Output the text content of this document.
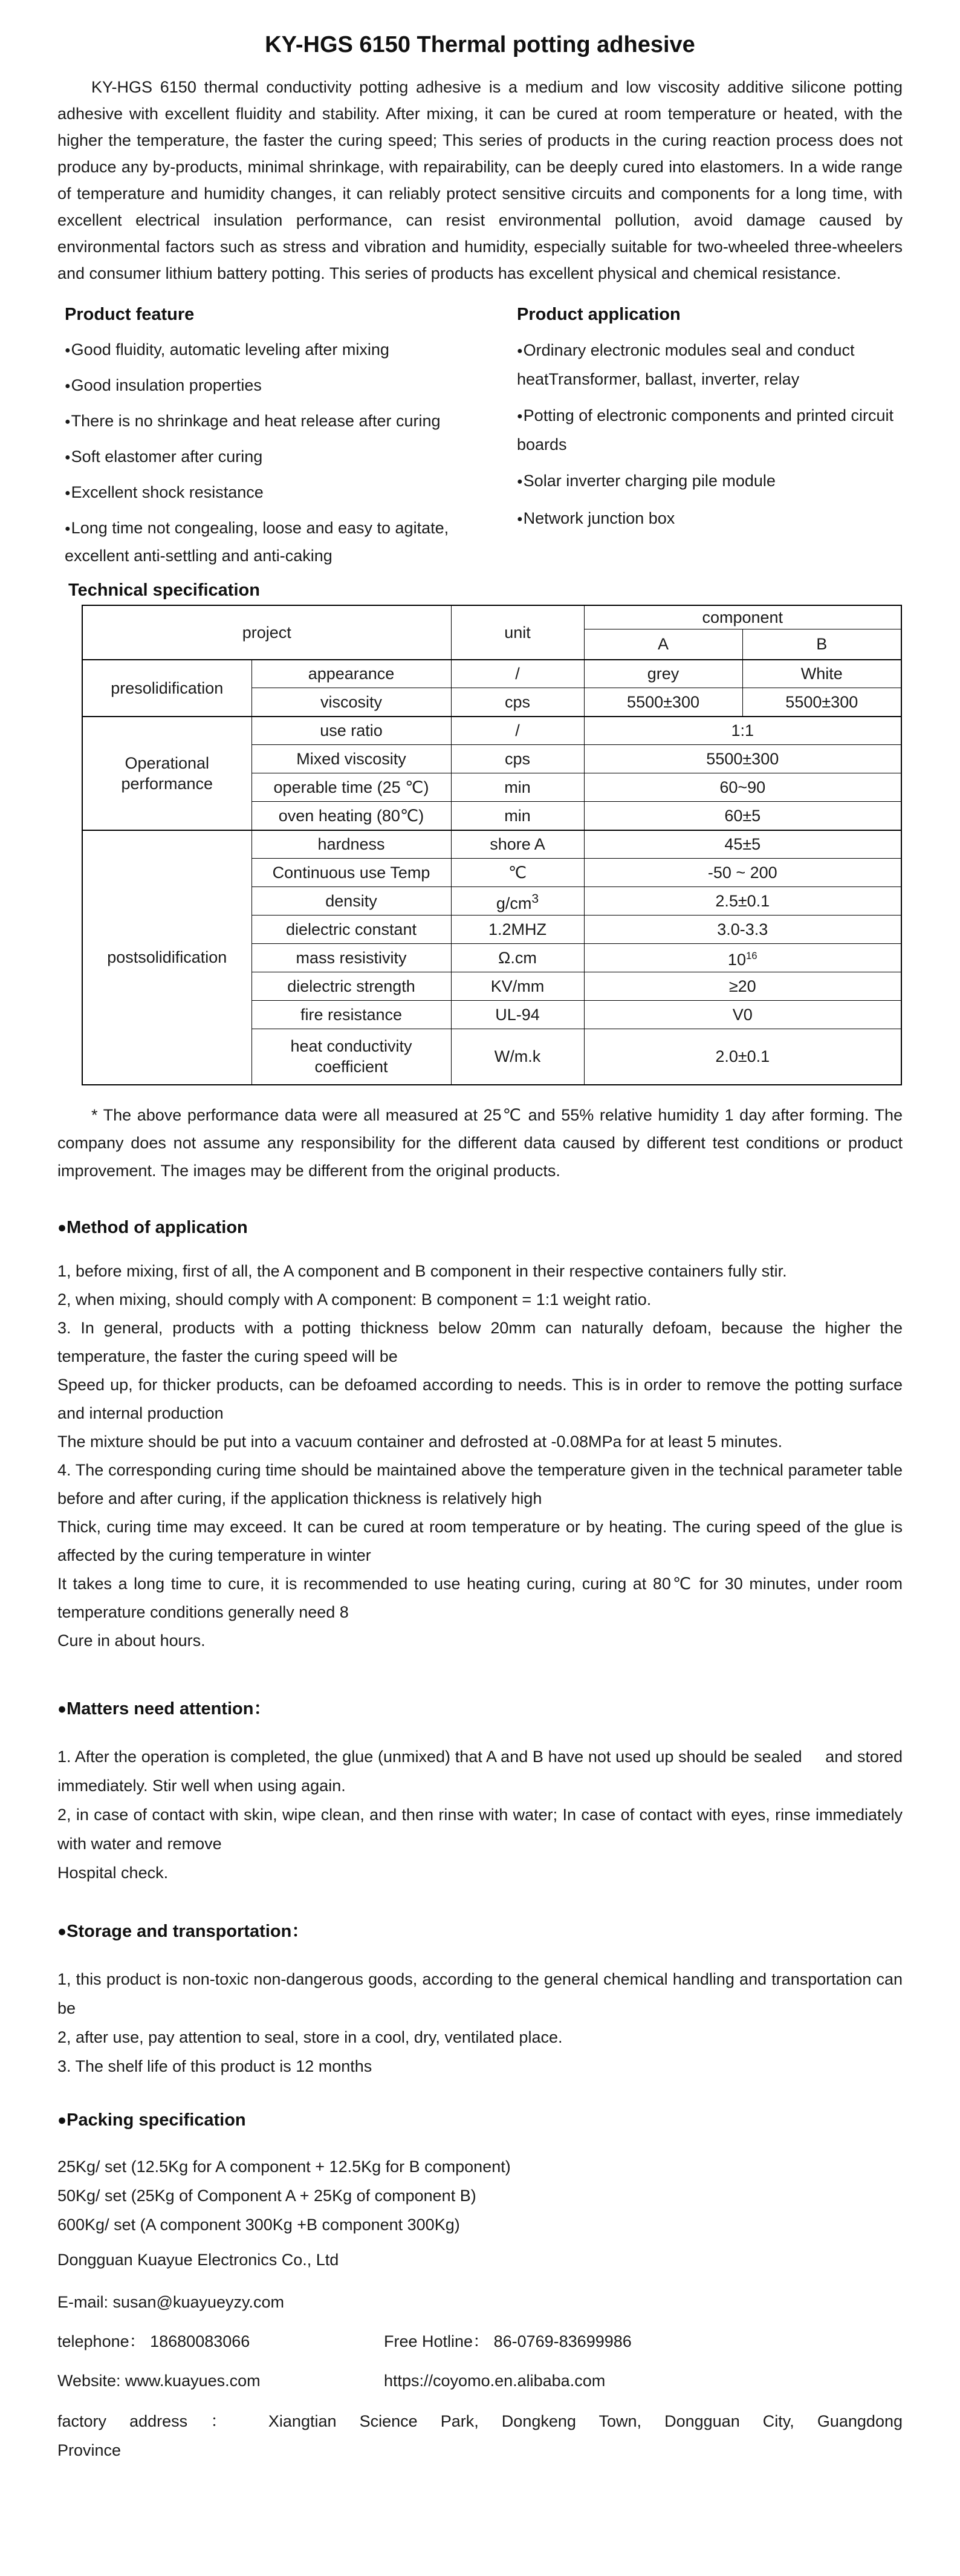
KY-HGS 6150 Thermal potting adhesive

KY-HGS 6150 thermal conductivity potting adhesive is a medium and low viscosity additive silicone potting adhesive with excellent fluidity and stability. After mixing, it can be cured at room temperature or heated, with the higher the temperature, the faster the curing speed; This series of products in the curing reaction process does not produce any by-products, minimal shrinkage, with repairability, can be deeply cured into elastomers. In a wide range of temperature and humidity changes, it can reliably protect sensitive circuits and components for a long time, with excellent electrical insulation performance, can resist environmental pollution, avoid damage caused by environmental factors such as stress and vibration and humidity, especially suitable for two-wheeled three-wheelers and consumer lithium battery potting. This series of products has excellent physical and chemical resistance.

Product feature
●Good fluidity, automatic leveling after mixing
●Good insulation properties
●There is no shrinkage and heat release after curing
●Soft elastomer after curing
●Excellent shock resistance
●Long time not congealing, loose and easy to agitate, excellent anti-settling and anti-caking
Product application
●Ordinary electronic modules seal and conduct heatTransformer, ballast, inverter, relay
●Potting of electronic components and printed circuit boards
●Solar inverter charging pile module
●Network junction box
Technical specification
project		unit	component	
			A	B
presolidification	appearance	/	grey	White
	viscosity	cps	5500±300	5500±300
Operational performance	use ratio	/	1:1	
	Mixed viscosity	cps	5500±300	
	operable time (25 ℃)	min	60~90	
	oven heating (80℃)	min	60±5	
postsolidification	hardness	shore A	45±5	
	Continuous use Temp	℃	-50 ~ 200	
	density	$g/cm^3$	2.5±0.1	
	dielectric constant	1.2MHZ	3.0-3.3	
	mass resistivity	Ω.cm	$10^{16}$
	dielectric strength	KV/mm	≥20	
	fire resistance	UL-94	V0	
	heat conductivity coefficient	W/m.k	2.0±0.1	

* The above performance data were all measured at 25℃ and 55% relative humidity 1 day after forming. The company does not assume any responsibility for the different data caused by different test conditions or product improvement. The images may be different from the original products.

●Method of application

1, before mixing, first of all, the A component and B component in their respective containers fully stir.

2, when mixing, should comply with A component: B component = 1:1 weight ratio.

3. In general, products with a potting thickness below 20mm can naturally defoam, because the higher the temperature, the faster the curing speed will be

Speed up, for thicker products, can be defoamed according to needs. This is in order to remove the potting surface and internal production

The mixture should be put into a vacuum container and defrosted at -0.08MPa for at least 5 minutes.

4. The corresponding curing time should be maintained above the temperature given in the technical parameter table before and after curing, if the application thickness is relatively high

Thick, curing time may exceed. It can be cured at room temperature or by heating. The curing speed of the glue is affected by the curing temperature in winter

It takes a long time to cure, it is recommended to use heating curing, curing at 80℃ for 30 minutes, under room temperature conditions generally need 8

Cure in about hours.

●Matters need attention：

1. After the operation is completed, the glue (unmixed) that A and B have not used up should be sealed     and stored immediately. Stir well when using again.

2, in case of contact with skin, wipe clean, and then rinse with water; In case of contact with eyes, rinse immediately with water and remove

Hospital check.

●Storage and transportation：

1, this product is non-toxic non-dangerous goods, according to the general chemical handling and transportation can be

2, after use, pay attention to seal, store in a cool, dry, ventilated place.

3. The shelf life of this product is 12 months

●Packing specification

25Kg/ set (12.5Kg for A component + 12.5Kg for B component)

50Kg/ set (25Kg of Component A + 25Kg of component B)

600Kg/ set (A component 300Kg +B component 300Kg)

Dongguan Kuayue Electronics Co., Ltd

E-mail: susan@kuayueyzy.com

telephone： 18680083066	Free Hotline： 86-0769-83699986

Website: www.kuayues.com	https://coyomo.en.alibaba.com

factory address ： Xiangtian Science Park, Dongkeng Town, Dongguan City, Guangdong
Province
